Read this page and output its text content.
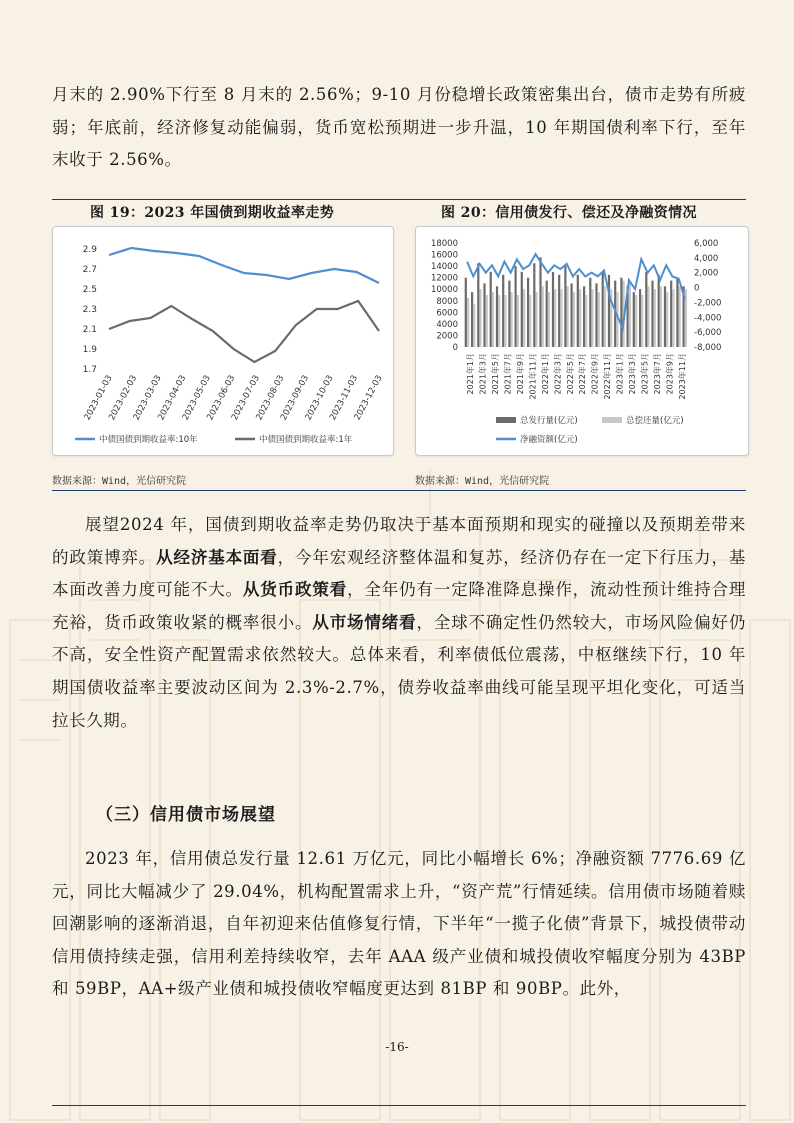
月末的 2.90%下行至 8 月末的 2.56%；9-10 月份稳增长政策密集出台，债市走势有所疲弱；年底前，经济修复动能偏弱，货币宽松预期进一步升温，10 年期国债利率下行，至年末收于 2.56%。
图 19：2023 年国债到期收益率走势	图 20：信用债发行、偿还及净融资情况
2.9
2.7
2.5
2.3
2.1
1.9
1.7
2023-01-03
2023-02-03
2023-03-03
2023-04-03
2023-05-03
2023-06-03
2023-07-03
2023-08-03
2023-09-03
2023-10-03
2023-11-03
2023-12-03
中债国债到期收益率:10年	中债国债到期收益率:1年
18000
16000
14000
12000
10000
8000
6000
4000
2000
0
6,000
4,000
2,000
0
-2,000
-4,000
-6,000
-8,000
2021年1月 2021年3月 2021年5月 2021年7月 2021年9月 2021年11月 2022年1月 2022年3月 2022年5月 2022年7月 2022年9月 2022年11月 2023年1月 2023年3月 2023年5月 2023年7月 2023年9月 2023年11月
总发行量(亿元)	总偿还量(亿元)
净融资额(亿元)
数据来源：Wind，光信研究院	数据来源：Wind，光信研究院
展望2024 年，国债到期收益率走势仍取决于基本面预期和现实的碰撞以及预期差带来的政策博弈。从经济基本面看，今年宏观经济整体温和复苏，经济仍存在一定下行压力，基本面改善力度可能不大。从货币政策看，全年仍有一定降准降息操作，流动性预计维持合理充裕，货币政策收紧的概率很小。从市场情绪看，全球不确定性仍然较大，市场风险偏好仍不高，安全性资产配置需求依然较大。总体来看，利率债低位震荡，中枢继续下行，10 年期国债收益率主要波动区间为 2.3%-2.7%，债券收益率曲线可能呈现平坦化变化，可适当拉长久期。
（三）信用债市场展望
2023 年，信用债总发行量 12.61 万亿元，同比小幅增长 6%；净融资额 7776.69 亿元，同比大幅减少了 29.04%，机构配置需求上升，“资产荒”行情延续。信用债市场随着赎回潮影响的逐渐消退，自年初迎来估值修复行情，下半年“一揽子化债”背景下，城投债带动信用债持续走强，信用利差持续收窄，去年 AAA 级产业债和城投债收窄幅度分别为 43BP 和 59BP，AA+级产业债和城投债收窄幅度更达到 81BP 和 90BP。此外，
-16-
